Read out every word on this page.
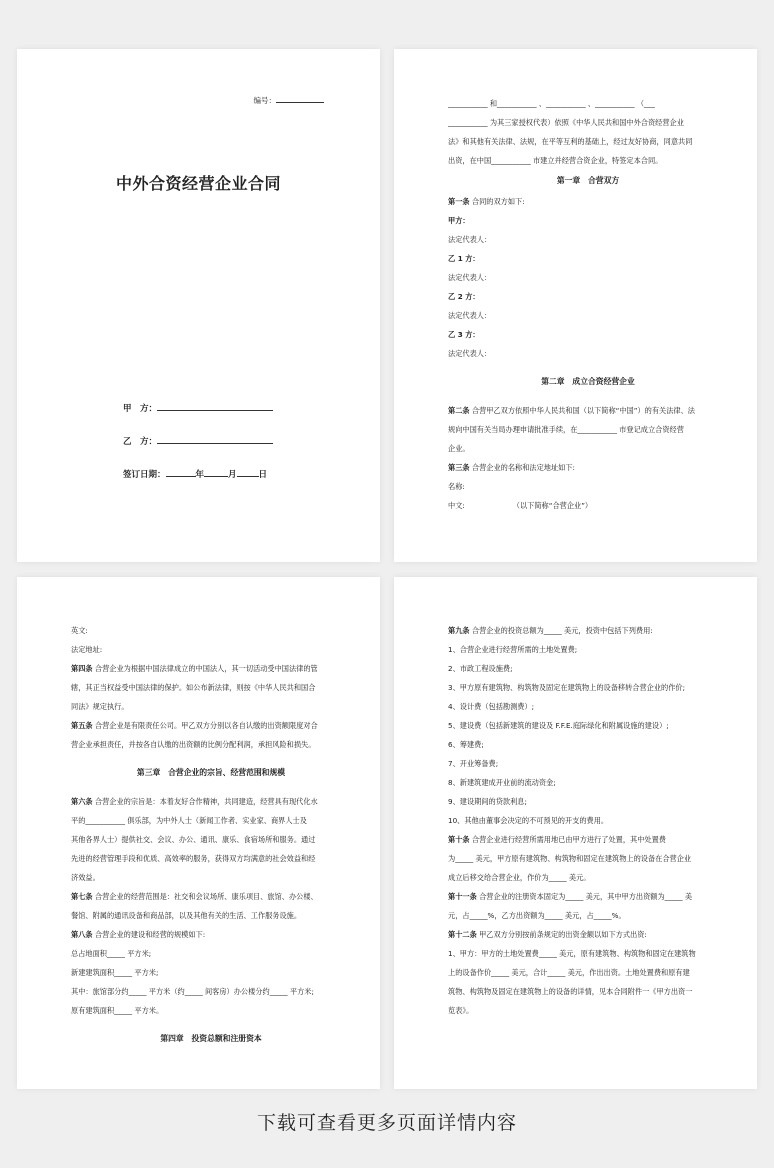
编号：
中外合资经营企业合同
甲　方：
乙　方：
签订日期：	年	月	日
___________ 和___________ 、___________ 、___________ （___
___________ 为其三家授权代表）依照《中华人民共和国中外合资经营企业
法》和其他有关法律、法规，在平等互利的基础上，经过友好协商，同意共同
出资，在中国___________ 市建立并经营合资企业，特签定本合同。
第一章　合营双方
第一条 合同的双方如下:
甲方：
法定代表人：
乙 1 方：
法定代表人：
乙 2 方：
法定代表人：
乙 3 方：
法定代表人：
第二章　成立合资经营企业
第二条 合营甲乙双方依照中华人民共和国（以下简称“中国”）的有关法律、法
规向中国有关当局办理申请批准手续，在___________ 市登记成立合资经营
企业。
第三条 合营企业的名称和法定地址如下:
名称:
中文:	（以下简称“合营企业”）
英文:
法定地址:
第四条 合营企业为根据中国法律成立的中国法人，其一切活动受中国法律的管
辖，其正当权益受中国法律的保护。如公布新法律，则按《中华人民共和国合
同法》规定执行。
第五条 合营企业是有限责任公司。甲乙双方分别以各自认缴的出资额限度对合
营企业承担责任，并按各自认缴的出资额的比例分配利润，承担风险和损失。
第三章　合营企业的宗旨、经营范围和规模
第六条 合营企业的宗旨是：本着友好合作精神，共同建造，经营具有现代化水
平的___________ 俱乐部，为中外人士（新闻工作者、实业家、商界人士及
其他各界人士）提供社交、会议、办公、通讯、康乐、食宿场所和服务。通过
先进的经营管理手段和优质、高效率的服务，获得双方均满意的社会效益和经
济效益。
第七条 合营企业的经营范围是：社交和会议场所、康乐项目、旅馆、办公楼、
餐馆、附属的通讯设备和商品部，以及其他有关的生活、工作服务设施。
第八条 合营企业的建设和经营的规模如下:
总占地面积_____ 平方米;
新建建筑面积_____ 平方米;
其中：旅馆部分约_____ 平方米（约_____ 间客房）办公楼分约_____ 平方米;
原有建筑面积_____ 平方米。
第四章　投资总额和注册资本
第九条 合营企业的投资总额为_____ 美元，投资中包括下列费用:
1、合营企业进行经营所需的土地处置费;
2、市政工程设施费;
3、甲方原有建筑物、构筑物及固定在建筑物上的设备移转合营企业的作价;
4、设计费（包括勘测费）;
5、建设费（包括新建筑的建设及 F.F.E.庭际绿化和附属设施的建设）;
6、筹建费;
7、开业筹备费;
8、新建筑建成开业前的流动资金;
9、建设期间的贷款利息;
10、其他由董事会决定的不可预见的开支的费用。
第十条 合营企业进行经营所需用地已由甲方进行了处置，其中处置费
为_____ 美元，甲方原有建筑物、构筑物和固定在建筑物上的设备在合营企业
成立后移交给合营企业，作价为_____ 美元。
第十一条 合营企业的注册资本固定为_____ 美元，其中甲方出资额为_____ 美
元，占_____%，乙方出资额为_____ 美元，占_____%。
第十二条 甲乙双方分别按前条规定的出资金额以如下方式出资:
1、甲方：甲方的土地处置费_____ 美元，原有建筑物、构筑物和固定在建筑物
上的设备作价_____ 美元，合计_____ 美元，作出出资。土地处置费和原有建
筑物、构筑物及固定在建筑物上的设备的详情，见本合同附件一《甲方出资一
览表》。
下载可查看更多页面详情内容
